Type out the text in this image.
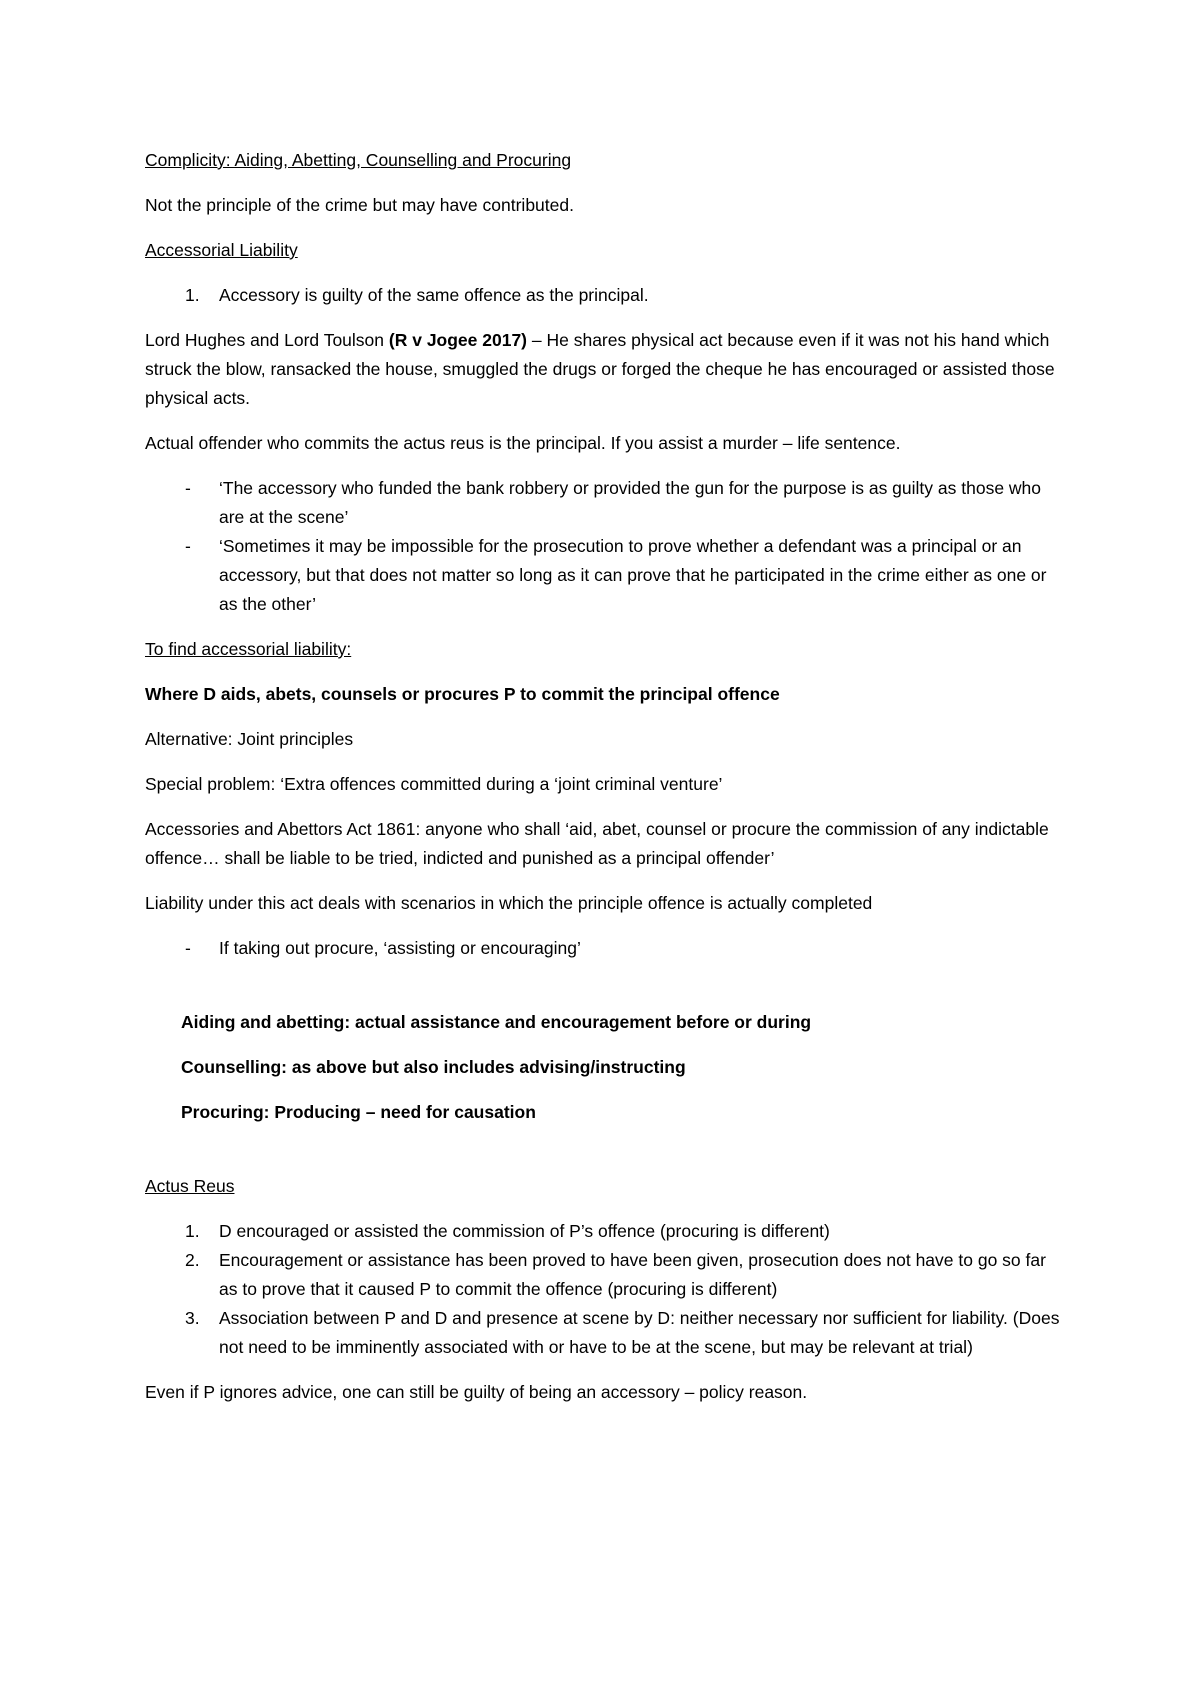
Complicity: Aiding, Abetting, Counselling and Procuring

Not the principle of the crime but may have contributed.

Accessorial Liability

1. Accessory is guilty of the same offence as the principal.

Lord Hughes and Lord Toulson (R v Jogee 2017) – He shares physical act because even if it was not his hand which struck the blow, ransacked the house, smuggled the drugs or forged the cheque he has encouraged or assisted those physical acts.

Actual offender who commits the actus reus is the principal. If you assist a murder – life sentence.

- ‘The accessory who funded the bank robbery or provided the gun for the purpose is as guilty as those who are at the scene’
- ‘Sometimes it may be impossible for the prosecution to prove whether a defendant was a principal or an accessory, but that does not matter so long as it can prove that he participated in the crime either as one or as the other’

To find accessorial liability:

Where D aids, abets, counsels or procures P to commit the principal offence

Alternative: Joint principles

Special problem: ‘Extra offences committed during a ‘joint criminal venture’

Accessories and Abettors Act 1861: anyone who shall ‘aid, abet, counsel or procure the commission of any indictable offence… shall be liable to be tried, indicted and punished as a principal offender’

Liability under this act deals with scenarios in which the principle offence is actually completed

- If taking out procure, ‘assisting or encouraging’

Aiding and abetting: actual assistance and encouragement before or during

Counselling: as above but also includes advising/instructing

Procuring: Producing – need for causation

Actus Reus

1. D encouraged or assisted the commission of P’s offence (procuring is different)
2. Encouragement or assistance has been proved to have been given, prosecution does not have to go so far as to prove that it caused P to commit the offence (procuring is different)
3. Association between P and D and presence at scene by D: neither necessary nor sufficient for liability. (Does not need to be imminently associated with or have to be at the scene, but may be relevant at trial)

Even if P ignores advice, one can still be guilty of being an accessory – policy reason.
